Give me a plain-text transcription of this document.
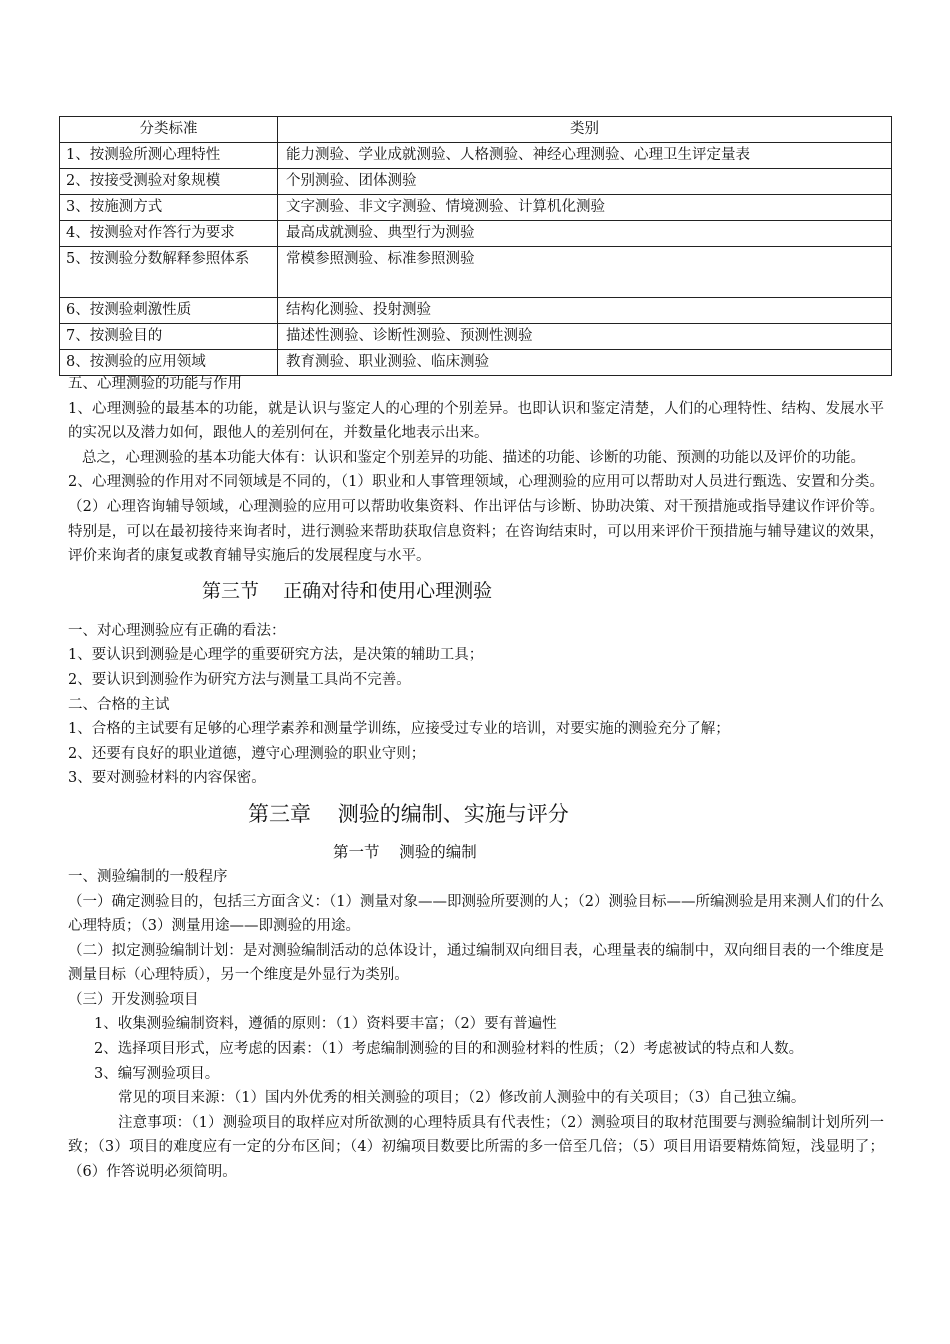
分类标准	类别
1、按测验所测心理特性	能力测验、学业成就测验、人格测验、神经心理测验、心理卫生评定量表
2、按接受测验对象规模	个别测验、团体测验
3、按施测方式	文字测验、非文字测验、情境测验、计算机化测验
4、按测验对作答行为要求	最高成就测验、典型行为测验
5、按测验分数解释参照体系	常模参照测验、标准参照测验
6、按测验刺激性质	结构化测验、投射测验
7、按测验目的	描述性测验、诊断性测验、预测性测验
8、按测验的应用领域	教育测验、职业测验、临床测验

五、心理测验的功能与作用

1、心理测验的最基本的功能，就是认识与鉴定人的心理的个别差异。也即认识和鉴定清楚，人们的心理特性、结构、发展水平的实况以及潜力如何，跟他人的差别何在，并数量化地表示出来。

总之，心理测验的基本功能大体有：认识和鉴定个别差异的功能、描述的功能、诊断的功能、预测的功能以及评价的功能。

2、心理测验的作用对不同领域是不同的，（1）职业和人事管理领域，心理测验的应用可以帮助对人员进行甄选、安置和分类。（2）心理咨询辅导领域，心理测验的应用可以帮助收集资料、作出评估与诊断、协助决策、对干预措施或指导建议作评价等。特别是，可以在最初接待来询者时，进行测验来帮助获取信息资料；在咨询结束时，可以用来评价干预措施与辅导建议的效果，评价来询者的康复或教育辅导实施后的发展程度与水平。

第三节    正确对待和使用心理测验

一、对心理测验应有正确的看法：

1、要认识到测验是心理学的重要研究方法，是决策的辅助工具；

2、要认识到测验作为研究方法与测量工具尚不完善。

二、合格的主试

1、合格的主试要有足够的心理学素养和测量学训练，应接受过专业的培训，对要实施的测验充分了解；

2、还要有良好的职业道德，遵守心理测验的职业守则；

3、要对测验材料的内容保密。

第三章    测验的编制、实施与评分
第一节    测验的编制

一、测验编制的一般程序

（一）确定测验目的，包括三方面含义：（1）测量对象——即测验所要测的人；（2）测验目标——所编测验是用来测人们的什么心理特质；（3）测量用途——即测验的用途。

（二）拟定测验编制计划：是对测验编制活动的总体设计，通过编制双向细目表，心理量表的编制中，双向细目表的一个维度是测量目标（心理特质），另一个维度是外显行为类别。

（三）开发测验项目

1、收集测验编制资料，遵循的原则：（1）资料要丰富；（2）要有普遍性

2、选择项目形式，应考虑的因素：（1）考虑编制测验的目的和测验材料的性质；（2）考虑被试的特点和人数。

3、编写测验项目。

常见的项目来源：（1）国内外优秀的相关测验的项目；（2）修改前人测验中的有关项目；（3）自己独立编。

注意事项：（1）测验项目的取样应对所欲测的心理特质具有代表性；（2）测验项目的取材范围要与测验编制计划所列一致；（3）项目的难度应有一定的分布区间；（4）初编项目数要比所需的多一倍至几倍；（5）项目用语要精炼简短，浅显明了；（6）作答说明必须简明。
